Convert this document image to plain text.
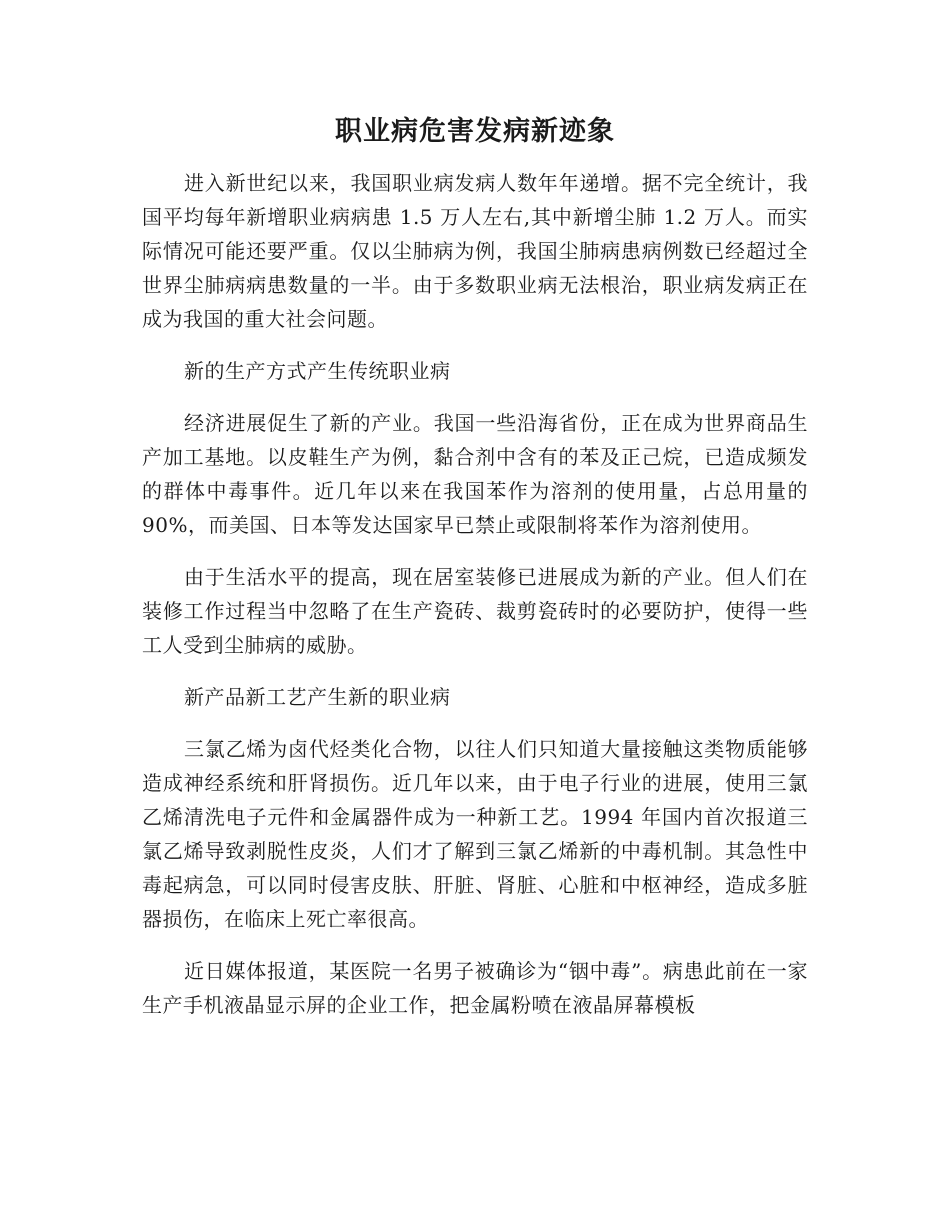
职业病危害发病新迹象

进入新世纪以来，我国职业病发病人数年年递增。据不完全统计，我国平均每年新增职业病病患 1.5 万人左右,其中新增尘肺 1.2 万人。而实际情况可能还要严重。仅以尘肺病为例，我国尘肺病患病例数已经超过全世界尘肺病病患数量的一半。由于多数职业病无法根治，职业病发病正在成为我国的重大社会问题。

新的生产方式产生传统职业病

经济进展促生了新的产业。我国一些沿海省份，正在成为世界商品生产加工基地。以皮鞋生产为例，黏合剂中含有的苯及正己烷，已造成频发的群体中毒事件。近几年以来在我国苯作为溶剂的使用量，占总用量的90%，而美国、日本等发达国家早已禁止或限制将苯作为溶剂使用。

由于生活水平的提高，现在居室装修已进展成为新的产业。但人们在装修工作过程当中忽略了在生产瓷砖、裁剪瓷砖时的必要防护，使得一些工人受到尘肺病的威胁。

新产品新工艺产生新的职业病

三氯乙烯为卤代烃类化合物，以往人们只知道大量接触这类物质能够造成神经系统和肝肾损伤。近几年以来，由于电子行业的进展，使用三氯乙烯清洗电子元件和金属器件成为一种新工艺。1994 年国内首次报道三氯乙烯导致剥脱性皮炎，人们才了解到三氯乙烯新的中毒机制。其急性中毒起病急，可以同时侵害皮肤、肝脏、肾脏、心脏和中枢神经，造成多脏器损伤，在临床上死亡率很高。

近日媒体报道，某医院一名男子被确诊为“铟中毒”。病患此前在一家生产手机液晶显示屏的企业工作，把金属粉喷在液晶屏幕模板
